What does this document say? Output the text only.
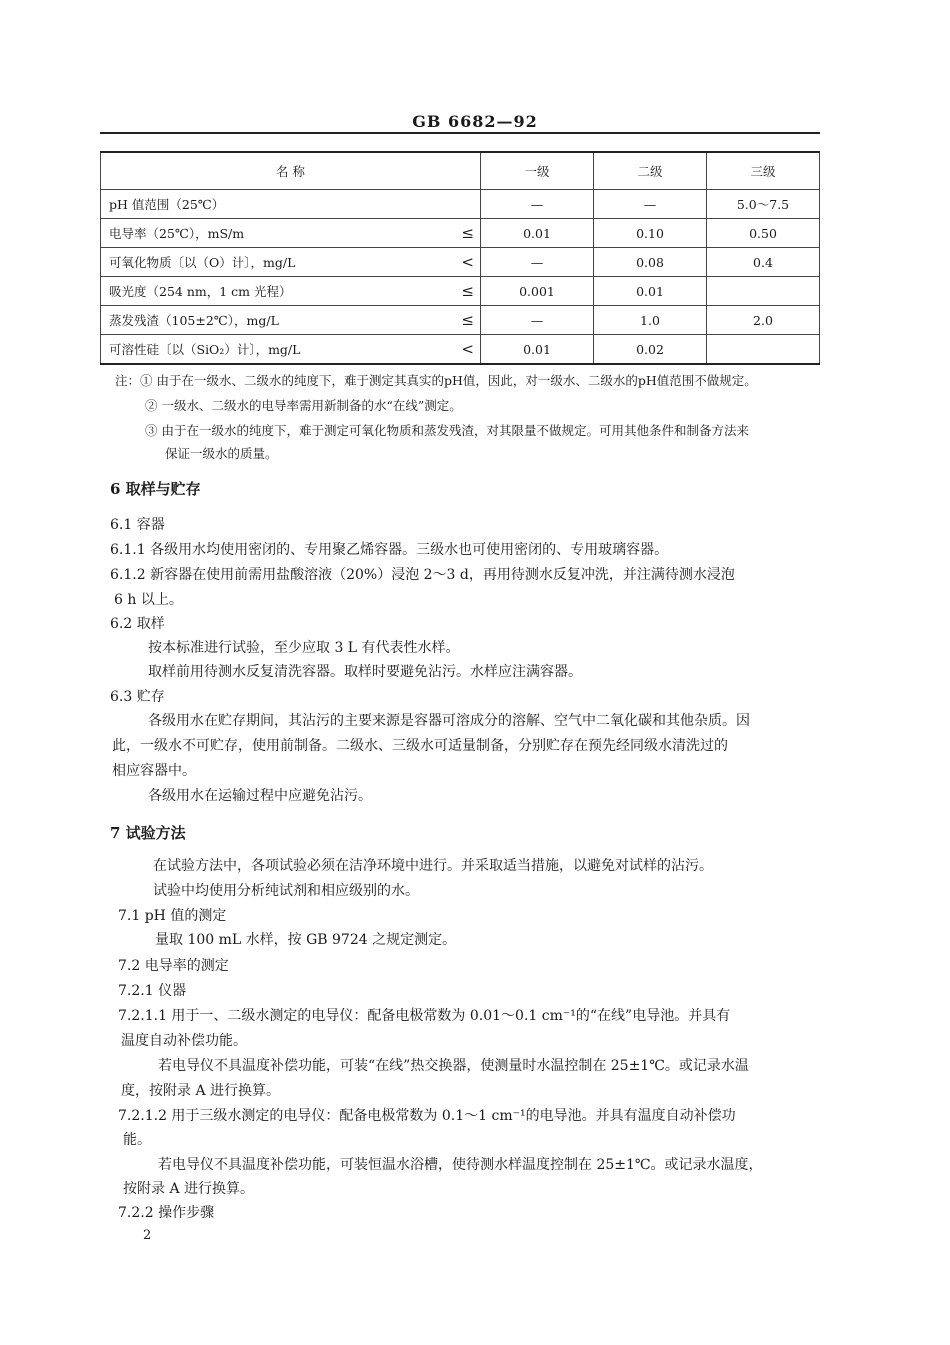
GB 6682—92
名 称		一级	二级	三级
pH 值范围（25℃）		—	—	5.0～7.5
电导率（25℃），mS/m	≤	0.01	0.10	0.50
可氧化物质〔以（O）计〕，mg/L	<	—	0.08	0.4
吸光度（254 nm，1 cm 光程）	≤	0.001	0.01	
蒸发残渣（105±2℃），mg/L	≤	—	1.0	2.0
可溶性硅〔以（SiO₂）计〕，mg/L	<	0.01	0.02	
注：① 由于在一级水、二级水的纯度下，难于测定其真实的pH值，因此，对一级水、二级水的pH值范围不做规定。
② 一级水、二级水的电导率需用新制备的水“在线”测定。
③ 由于在一级水的纯度下，难于测定可氧化物质和蒸发残渣，对其限量不做规定。可用其他条件和制备方法来
保证一级水的质量。
6 取样与贮存
6.1 容器
6.1.1 各级用水均使用密闭的、专用聚乙烯容器。三级水也可使用密闭的、专用玻璃容器。
6.1.2 新容器在使用前需用盐酸溶液（20%）浸泡 2～3 d，再用待测水反复冲洗，并注满待测水浸泡
6 h 以上。
6.2 取样
按本标准进行试验，至少应取 3 L 有代表性水样。
取样前用待测水反复清洗容器。取样时要避免沾污。水样应注满容器。
6.3 贮存
各级用水在贮存期间，其沾污的主要来源是容器可溶成分的溶解、空气中二氧化碳和其他杂质。因
此，一级水不可贮存，使用前制备。二级水、三级水可适量制备，分别贮存在预先经同级水清洗过的
相应容器中。
各级用水在运输过程中应避免沾污。
7 试验方法
在试验方法中，各项试验必须在洁净环境中进行。并采取适当措施，以避免对试样的沾污。
试验中均使用分析纯试剂和相应级别的水。
7.1 pH 值的测定
量取 100 mL 水样，按 GB 9724 之规定测定。
7.2 电导率的测定
7.2.1 仪器
7.2.1.1 用于一、二级水测定的电导仪：配备电极常数为 0.01～0.1 cm⁻¹的“在线”电导池。并具有
温度自动补偿功能。
若电导仪不具温度补偿功能，可装“在线”热交换器，使测量时水温控制在 25±1℃。或记录水温
度，按附录 A 进行换算。
7.2.1.2 用于三级水测定的电导仪：配备电极常数为 0.1～1 cm⁻¹的电导池。并具有温度自动补偿功
能。
若电导仪不具温度补偿功能，可装恒温水浴槽，使待测水样温度控制在 25±1℃。或记录水温度，
按附录 A 进行换算。
7.2.2 操作步骤
2
